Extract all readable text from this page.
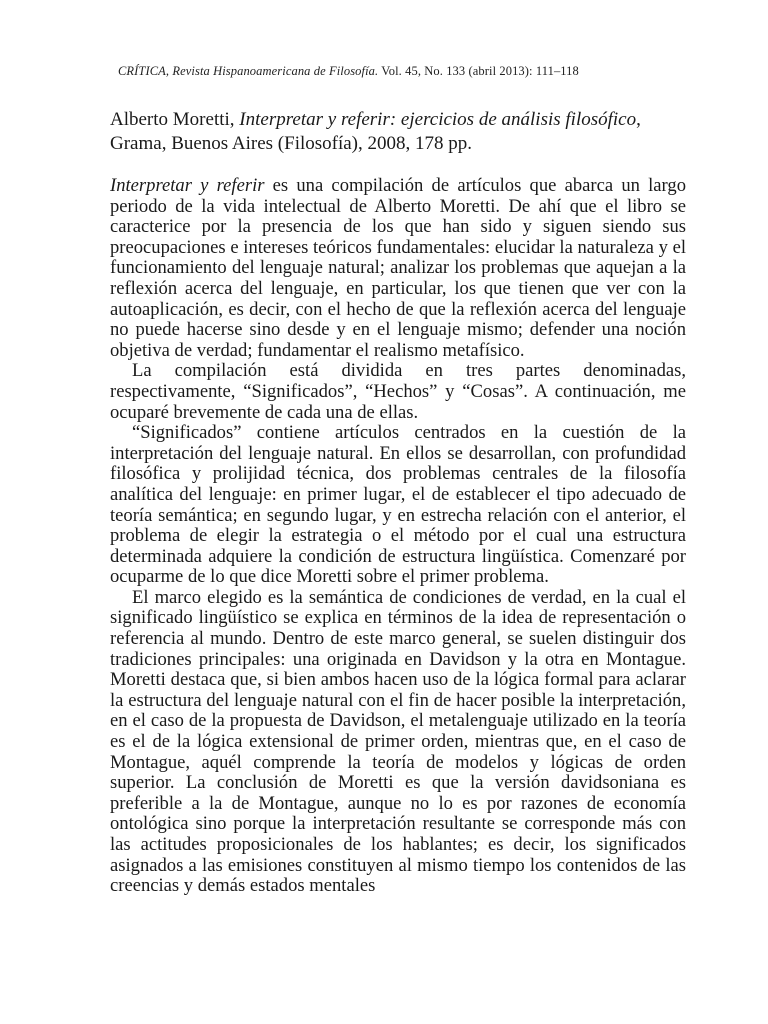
CRÍTICA, Revista Hispanoamericana de Filosofía. Vol. 45, No. 133 (abril 2013): 111–118
Alberto Moretti, Interpretar y referir: ejercicios de análisis filosófico, Grama, Buenos Aires (Filosofía), 2008, 178 pp.

Interpretar y referir es una compilación de artículos que abarca un largo periodo de la vida intelectual de Alberto Moretti. De ahí que el libro se caracterice por la presencia de los que han sido y siguen siendo sus preocupaciones e intereses teóricos fundamentales: elucidar la naturaleza y el funcionamiento del lenguaje natural; analizar los problemas que aquejan a la reflexión acerca del lenguaje, en particular, los que tienen que ver con la autoaplicación, es decir, con el hecho de que la reflexión acerca del lenguaje no puede hacerse sino desde y en el lenguaje mismo; defender una noción objetiva de verdad; fundamentar el realismo metafísico.

La compilación está dividida en tres partes denominadas, respectivamente, “Significados”, “Hechos” y “Cosas”. A continuación, me ocuparé brevemente de cada una de ellas.

“Significados” contiene artículos centrados en la cuestión de la interpretación del lenguaje natural. En ellos se desarrollan, con profundidad filosófica y prolijidad técnica, dos problemas centrales de la filosofía analítica del lenguaje: en primer lugar, el de establecer el tipo adecuado de teoría semántica; en segundo lugar, y en estrecha relación con el anterior, el problema de elegir la estrategia o el método por el cual una estructura determinada adquiere la condición de estructura lingüística. Comenzaré por ocuparme de lo que dice Moretti sobre el primer problema.

El marco elegido es la semántica de condiciones de verdad, en la cual el significado lingüístico se explica en términos de la idea de representación o referencia al mundo. Dentro de este marco general, se suelen distinguir dos tradiciones principales: una originada en Davidson y la otra en Montague. Moretti destaca que, si bien ambos hacen uso de la lógica formal para aclarar la estructura del lenguaje natural con el fin de hacer posible la interpretación, en el caso de la propuesta de Davidson, el metalenguaje utilizado en la teoría es el de la lógica extensional de primer orden, mientras que, en el caso de Montague, aquél comprende la teoría de modelos y lógicas de orden superior. La conclusión de Moretti es que la versión davidsoniana es preferible a la de Montague, aunque no lo es por razones de economía ontológica sino porque la interpretación resultante se corresponde más con las actitudes proposicionales de los hablantes; es decir, los significados asignados a las emisiones constituyen al mismo tiempo los contenidos de las creencias y demás estados mentales
